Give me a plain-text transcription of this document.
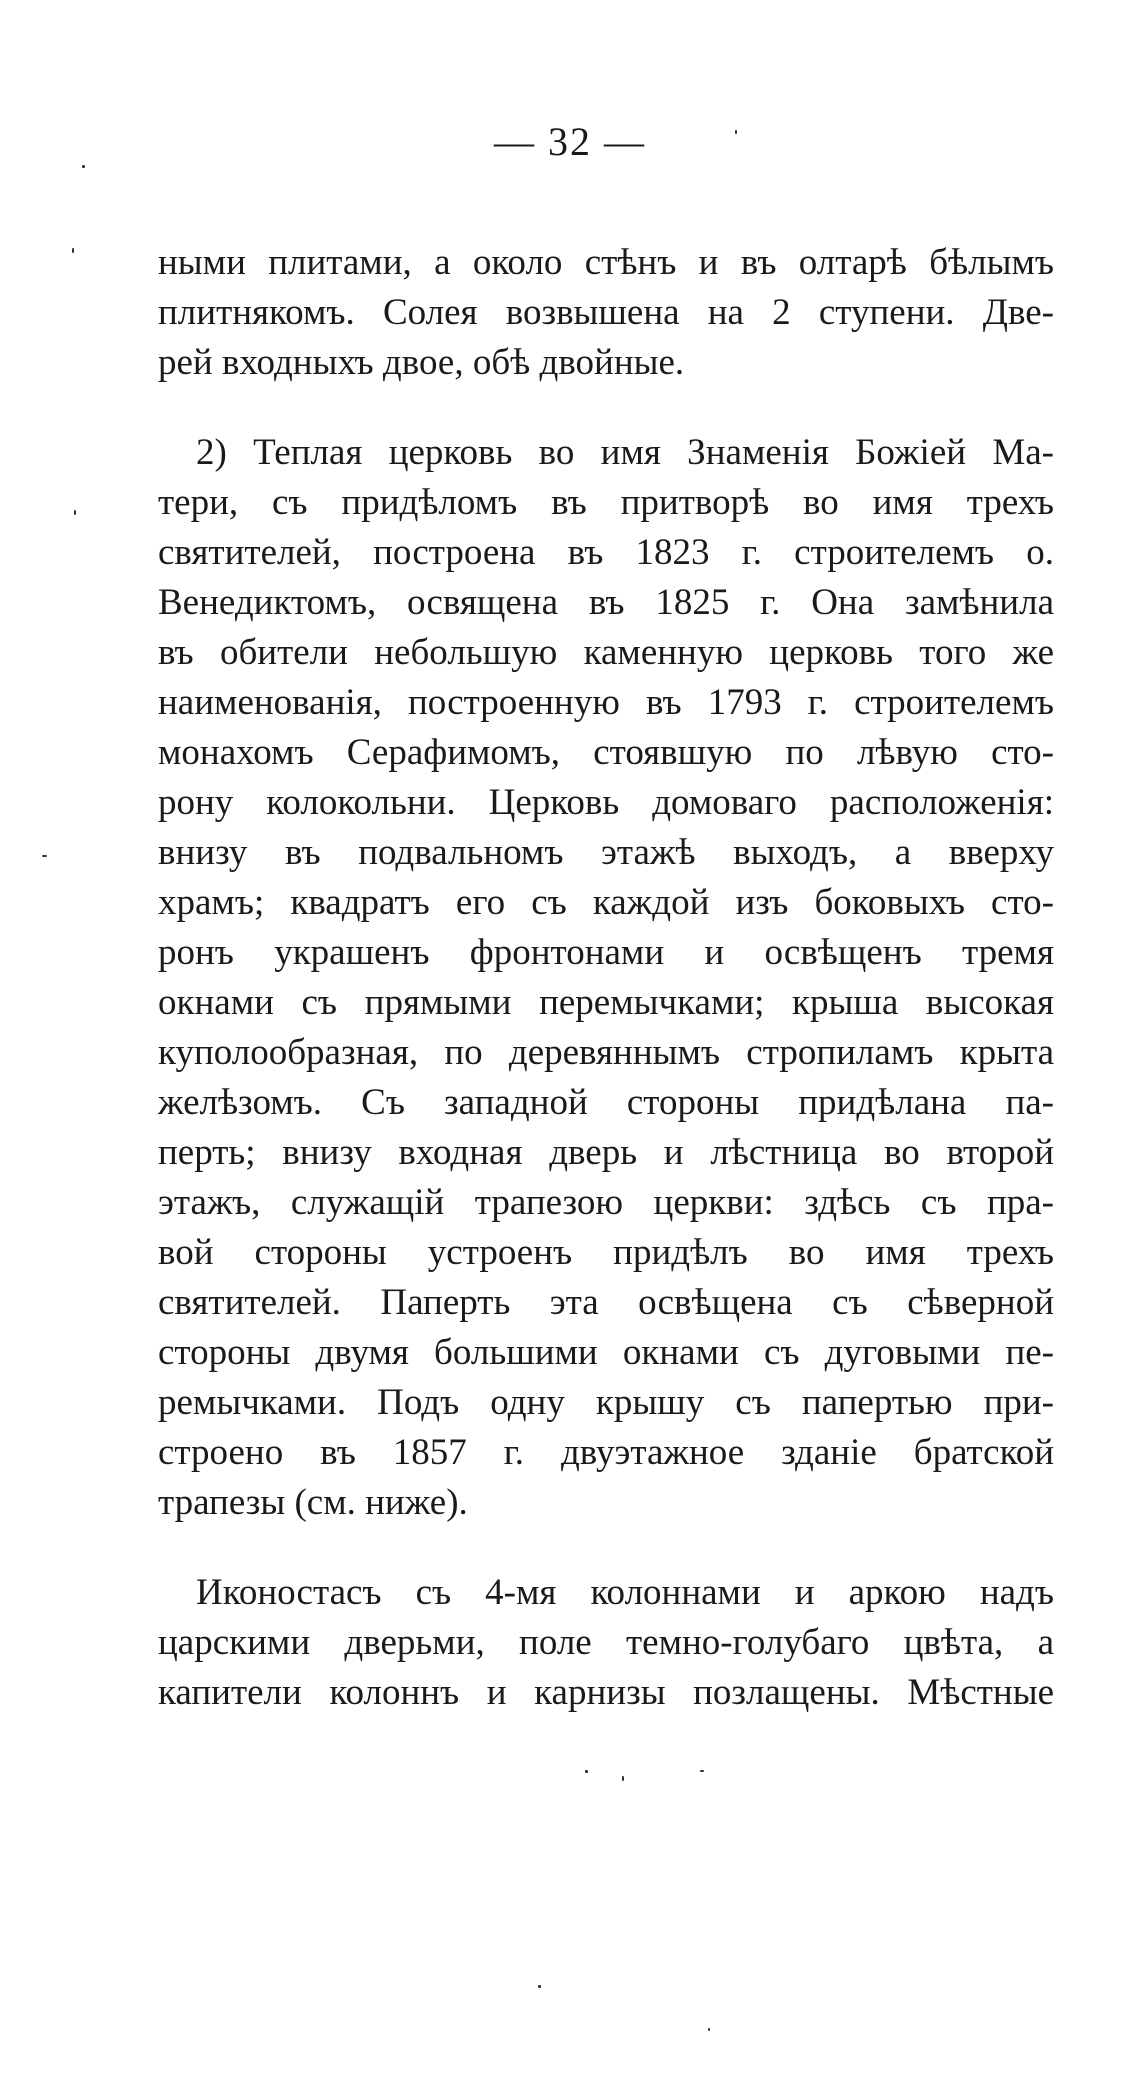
— 32 —
ными плитами, а около стѣнъ и въ олтарѣ бѣлымъ
плитнякомъ. Солея возвышена на 2 ступени. Две-
рей входныхъ двое, обѣ двойные.
2) Теплая церковь во имя Знаменія Божіей Ма-
тери, съ придѣломъ въ притворѣ во имя трехъ
святителей, построена въ 1823 г. строителемъ о.
Венедиктомъ, освящена въ 1825 г. Она замѣнила
въ обители небольшую каменную церковь того же
наименованія, построенную въ 1793 г. строителемъ
монахомъ Серафимомъ, стоявшую по лѣвую сто-
рону колокольни. Церковь домоваго расположенія:
внизу въ подвальномъ этажѣ выходъ, а вверху
храмъ; квадратъ его съ каждой изъ боковыхъ сто-
ронъ украшенъ фронтонами и освѣщенъ тремя
окнами съ прямыми перемычками; крыша высокая
куполообразная, по деревяннымъ стропиламъ крыта
желѣзомъ. Съ западной стороны придѣлана па-
перть; внизу входная дверь и лѣстница во второй
этажъ, служащій трапезою церкви: здѣсь съ пра-
вой стороны устроенъ придѣлъ во имя трехъ
святителей. Паперть эта освѣщена съ сѣверной
стороны двумя большими окнами съ дуговыми пе-
ремычками. Подъ одну крышу съ папертью при-
строено въ 1857 г. двуэтажное зданіе братской
трапезы (см. ниже).
Иконостасъ съ 4-мя колоннами и аркою надъ
царскими дверьми, поле темно-голубаго цвѣта, а
капители колоннъ и карнизы позлащены. Мѣстные
